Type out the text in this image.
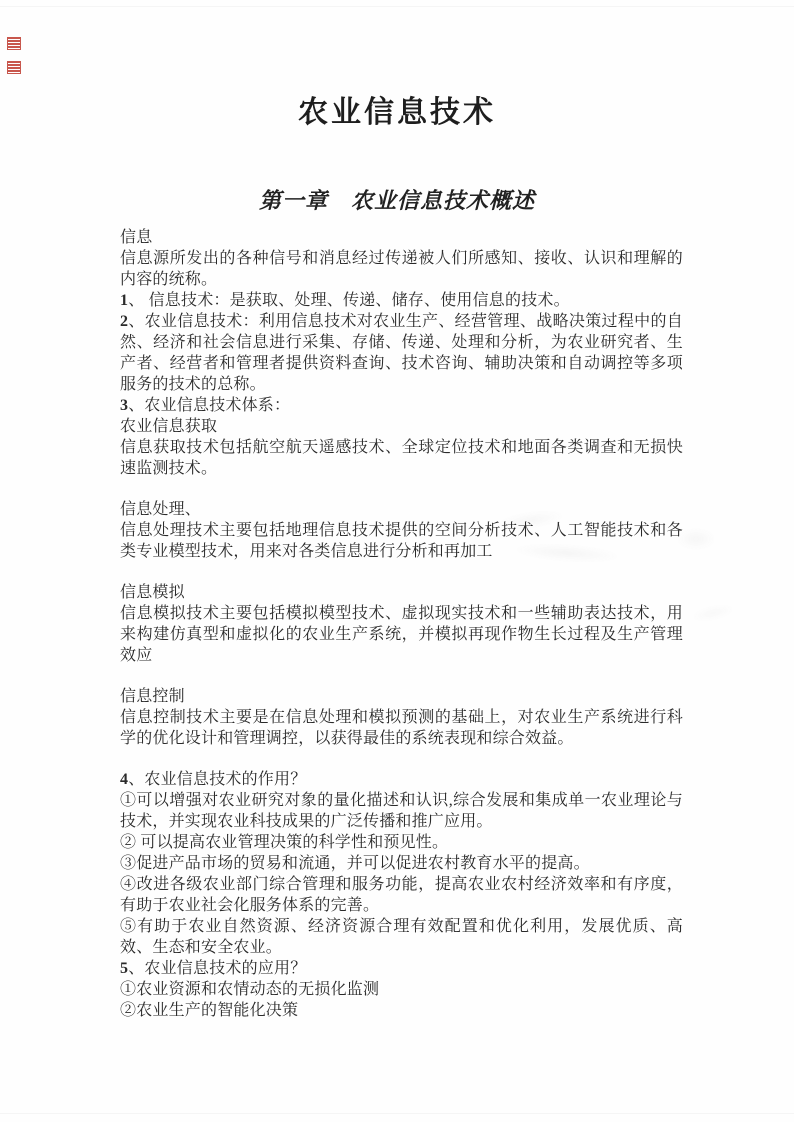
农业信息技术
第一章　农业信息技术概述

信息

信息源所发出的各种信号和消息经过传递被人们所感知、接收、认识和理解的内容的统称。

1、 信息技术：是获取、处理、传递、储存、使用信息的技术。

2、农业信息技术：利用信息技术对农业生产、经营管理、战略决策过程中的自然、经济和社会信息进行采集、存储、传递、处理和分析，为农业研究者、生产者、经营者和管理者提供资料查询、技术咨询、辅助决策和自动调控等多项服务的技术的总称。

3、农业信息技术体系：

农业信息获取

信息获取技术包括航空航天遥感技术、全球定位技术和地面各类调查和无损快速监测技术。

信息处理、

信息处理技术主要包括地理信息技术提供的空间分析技术、人工智能技术和各类专业模型技术，用来对各类信息进行分析和再加工

信息模拟

信息模拟技术主要包括模拟模型技术、虚拟现实技术和一些辅助表达技术，用来构建仿真型和虚拟化的农业生产系统，并模拟再现作物生长过程及生产管理效应

信息控制

信息控制技术主要是在信息处理和模拟预测的基础上，对农业生产系统进行科学的优化设计和管理调控，以获得最佳的系统表现和综合效益。

4、农业信息技术的作用？

①可以增强对农业研究对象的量化描述和认识,综合发展和集成单一农业理论与技术，并实现农业科技成果的广泛传播和推广应用。

② 可以提高农业管理决策的科学性和预见性。

③促进产品市场的贸易和流通，并可以促进农村教育水平的提高。

④改进各级农业部门综合管理和服务功能，提高农业农村经济效率和有序度，有助于农业社会化服务体系的完善。

⑤有助于农业自然资源、经济资源合理有效配置和优化利用，发展优质、高效、生态和安全农业。

5、农业信息技术的应用？

①农业资源和农情动态的无损化监测

②农业生产的智能化决策
